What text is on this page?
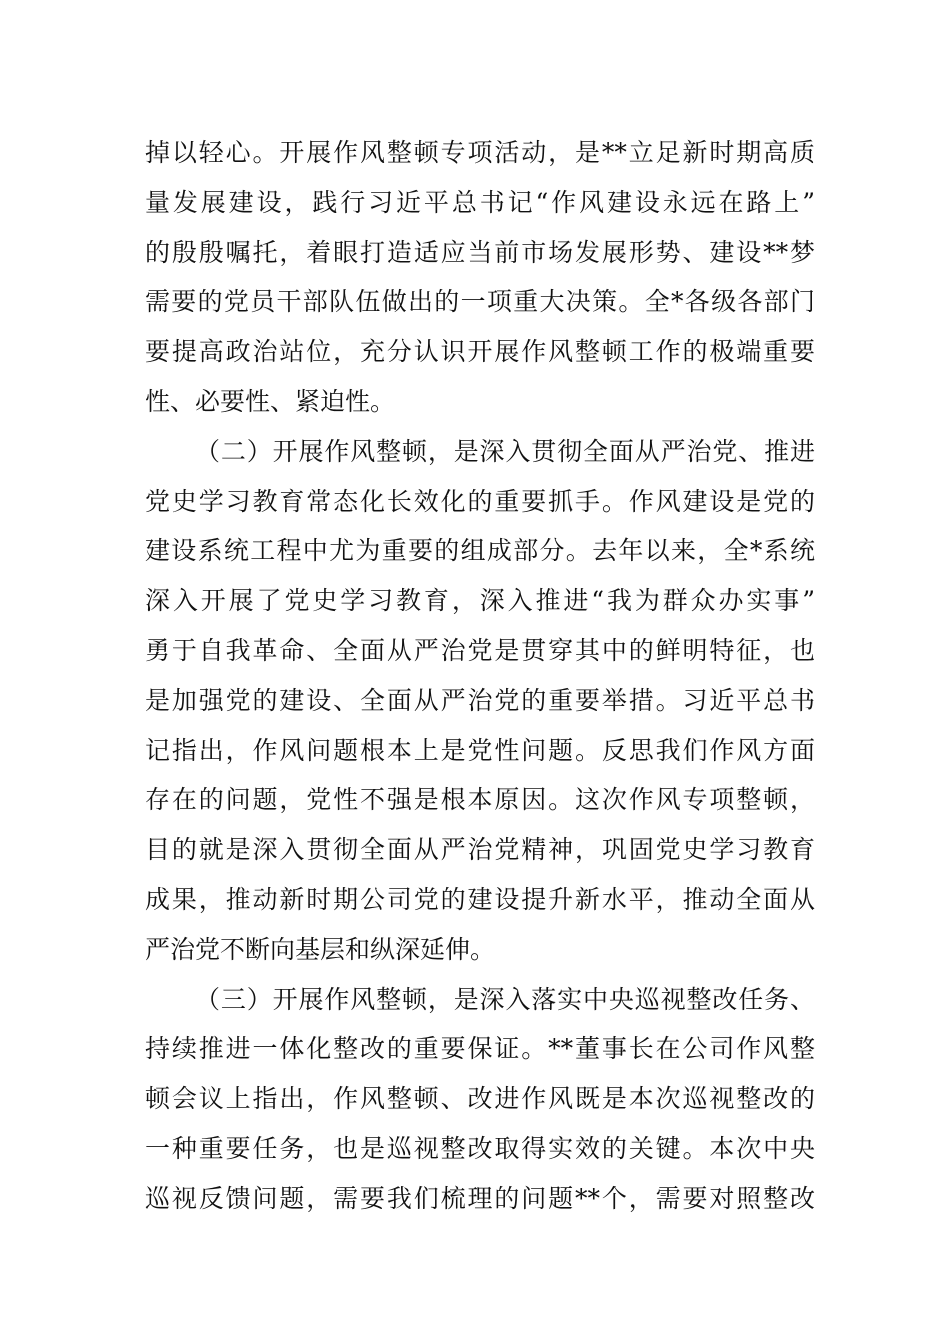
掉以轻心。开展作风整顿专项活动，是**立足新时期高质
量发展建设，践行习近平总书记“作风建设永远在路上”
的殷殷嘱托，着眼打造适应当前市场发展形势、建设**梦
需要的党员干部队伍做出的一项重大决策。全*各级各部门
要提高政治站位，充分认识开展作风整顿工作的极端重要
性、必要性、紧迫性。
（二）开展作风整顿，是深入贯彻全面从严治党、推进
党史学习教育常态化长效化的重要抓手。作风建设是党的
建设系统工程中尤为重要的组成部分。去年以来，全*系统
深入开展了党史学习教育，深入推进“我为群众办实事”
勇于自我革命、全面从严治党是贯穿其中的鲜明特征，也
是加强党的建设、全面从严治党的重要举措。习近平总书
记指出，作风问题根本上是党性问题。反思我们作风方面
存在的问题，党性不强是根本原因。这次作风专项整顿，
目的就是深入贯彻全面从严治党精神，巩固党史学习教育
成果，推动新时期公司党的建设提升新水平，推动全面从
严治党不断向基层和纵深延伸。
（三）开展作风整顿，是深入落实中央巡视整改任务、
持续推进一体化整改的重要保证。**董事长在公司作风整
顿会议上指出，作风整顿、改进作风既是本次巡视整改的
一种重要任务，也是巡视整改取得实效的关键。本次中央
巡视反馈问题，需要我们梳理的问题**个，需要对照整改
